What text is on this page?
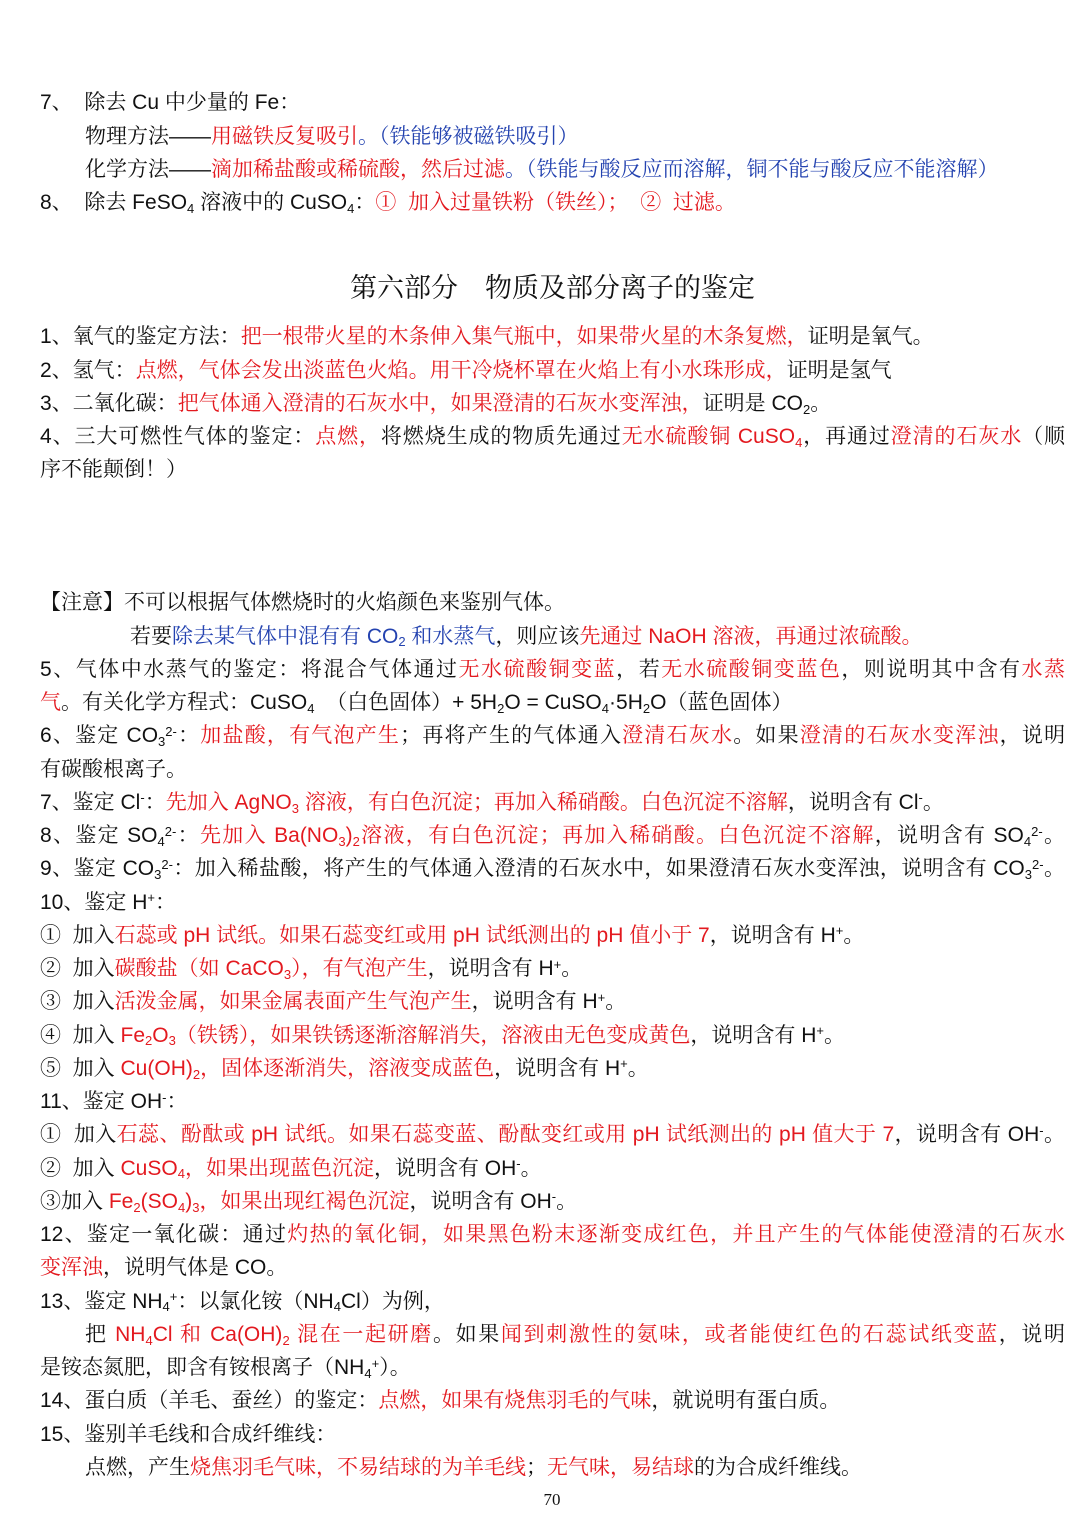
7、  除去 Cu 中少量的 Fe：
物理方法——用磁铁反复吸引。（铁能够被磁铁吸引）
化学方法——滴加稀盐酸或稀硫酸，然后过滤。（铁能与酸反应而溶解，铜不能与酸反应不能溶解）
8、  除去 FeSO$_4$ 溶液中的 CuSO$_4$：①  加入过量铁粉（铁丝）；  ②  过滤。
第六部分    物质及部分离子的鉴定
1、氧气的鉴定方法：把一根带火星的木条伸入集气瓶中，如果带火星的木条复燃，证明是氧气。
2、氢气：点燃，气体会发出淡蓝色火焰。用干冷烧杯罩在火焰上有小水珠形成，证明是氢气
3、二氧化碳：把气体通入澄清的石灰水中，如果澄清的石灰水变浑浊，证明是 $CO_2$。
4、三大可燃性气体的鉴定：点燃，将燃烧生成的物质先通过无水硫酸铜 CuSO$_4$，再通过澄清的石灰水（顺
序不能颠倒！）

【注意】不可以根据气体燃烧时的火焰颜色来鉴别气体。
若要除去某气体中混有有 $CO_2$ 和水蒸气，则应该先通过 NaOH 溶液，再通过浓硫酸。
5、气体中水蒸气的鉴定：将混合气体通过无水硫酸铜变蓝，若无水硫酸铜变蓝色，则说明其中含有水蒸
气。有关化学方程式：CuSO$_4$  （白色固体）+ $5H_2O$ = $CuSO_4\cdot 5H_2O$（蓝色固体）
6、鉴定 $CO_3^{2-}$：加盐酸，有气泡产生；再将产生的气体通入澄清石灰水。如果澄清的石灰水变浑浊，说明
有碳酸根离子。
7、鉴定 Cl-：先加入 AgNO$_3$ 溶液，有白色沉淀；再加入稀硝酸。白色沉淀不溶解，说明含有 Cl-。
8、鉴定 $SO_4^{2-}$：先加入 $Ba(NO_3)_2$溶液，有白色沉淀；再加入稀硝酸。白色沉淀不溶解，说明含有 $SO_4^{2-}$。
9、鉴定 $CO_3^{2-}$：加入稀盐酸，将产生的气体通入澄清的石灰水中，如果澄清石灰水变浑浊，说明含有 $CO_3^{2-}$。
10、鉴定 H+：
①  加入石蕊或 pH 试纸。如果石蕊变红或用 pH 试纸测出的 pH 值小于 7，说明含有 H+。
②  加入碳酸盐（如 CaCO$_3$），有气泡产生，说明含有 H+。
③  加入活泼金属，如果金属表面产生气泡产生，说明含有 H+。
④  加入 $Fe_2O_3$（铁锈），如果铁锈逐渐溶解消失，溶液由无色变成黄色，说明含有 H+。
⑤  加入 $Cu(OH)_2$，固体逐渐消失，溶液变成蓝色，说明含有 H+。
11、鉴定 OH-：
①  加入石蕊、酚酞或 pH 试纸。如果石蕊变蓝、酚酞变红或用 pH 试纸测出的 pH 值大于 7，说明含有 OH-。
②  加入 CuSO$_4$，如果出现蓝色沉淀，说明含有 OH-。
③加入 $Fe_2(SO_4)_3$，如果出现红褐色沉淀，说明含有 OH-。
12、鉴定一氧化碳：通过灼热的氧化铜，如果黑色粉末逐渐变成红色，并且产生的气体能使澄清的石灰水
变浑浊，说明气体是 CO。
13、鉴定 $NH_4^+$：以氯化铵$(NH_4Cl)$为例，
把 $NH_4Cl$ 和 $Ca(OH)_2$ 混在一起研磨。如果闻到刺激性的氨味，或者能使红色的石蕊试纸变蓝，说明
是铵态氮肥，即含有铵根离子$(NH_4^+)$。
14、蛋白质（羊毛、蚕丝）的鉴定：点燃，如果有烧焦羽毛的气味，就说明有蛋白质。
15、鉴别羊毛线和合成纤维线：
点燃，产生烧焦羽毛气味，不易结球的为羊毛线；无气味，易结球的为合成纤维线。
70
